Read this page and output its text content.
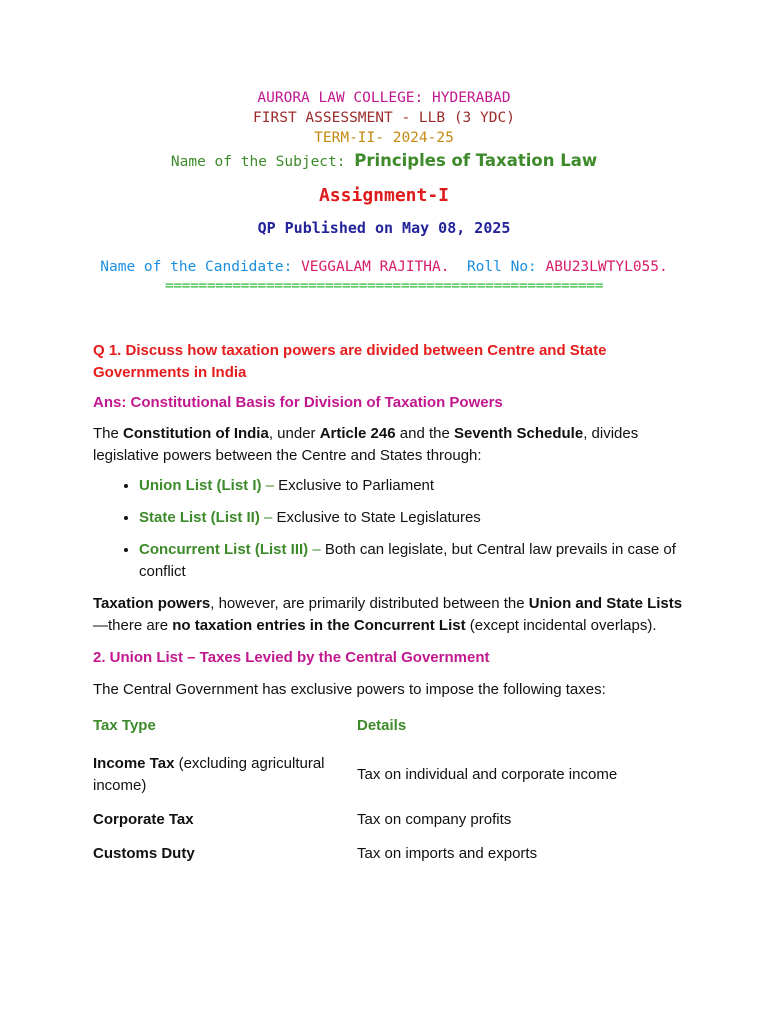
AURORA LAW COLLEGE: HYDERABAD

FIRST ASSESSMENT - LLB (3 YDC)

TERM-II- 2024-25

Name of the Subject: Principles of Taxation Law

Assignment-I

QP Published on May 08, 2025

Name of the Candidate: VEGGALAM RAJITHA. Roll No: ABU23LWTYL055.

====================================================

Q 1. Discuss how taxation powers are divided between Centre and State Governments in India

Ans: Constitutional Basis for Division of Taxation Powers

The Constitution of India, under Article 246 and the Seventh Schedule, divides legislative powers between the Centre and States through:

• Union List (List I) – Exclusive to Parliament
• State List (List II) – Exclusive to State Legislatures
• Concurrent List (List III) – Both can legislate, but Central law prevails in case of conflict

Taxation powers, however, are primarily distributed between the Union and State Lists—there are no taxation entries in the Concurrent List (except incidental overlaps).

2. Union List – Taxes Levied by the Central Government

The Central Government has exclusive powers to impose the following taxes:

Tax Type	Details
Income Tax (excluding agricultural income)	Tax on individual and corporate income
Corporate Tax	Tax on company profits
Customs Duty	Tax on imports and exports
